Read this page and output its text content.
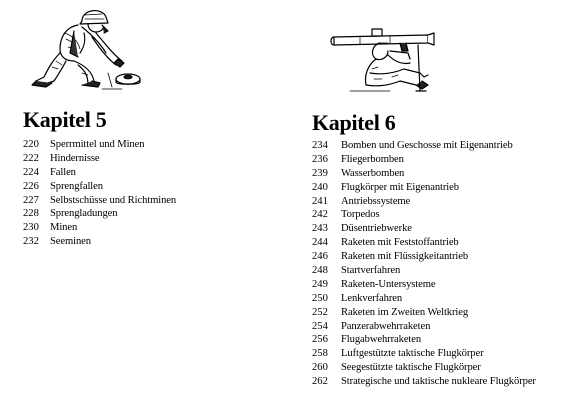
Kapitel 5
220	Sperrmittel und Minen
222	Hindernisse
224	Fallen
226	Sprengfallen
227	Selbstschüsse und Richtminen
228	Sprengladungen
230	Minen
232	Seeminen
Kapitel 6
234	Bomben und Geschosse mit Eigenantrieb
236	Fliegerbomben
239	Wasserbomben
240	Flugkörper mit Eigenantrieb
241	Antriebssysteme
242	Torpedos
243	Düsentriebwerke
244	Raketen mit Feststoffantrieb
246	Raketen mit Flüssigkeitantrieb
248	Startverfahren
249	Raketen-Untersysteme
250	Lenkverfahren
252	Raketen im Zweiten Weltkrieg
254	Panzerabwehrraketen
256	Flugabwehrraketen
258	Luftgestützte taktische Flugkörper
260	Seegestützte taktische Flugkörper
262	Strategische und taktische nukleare Flugkörper
